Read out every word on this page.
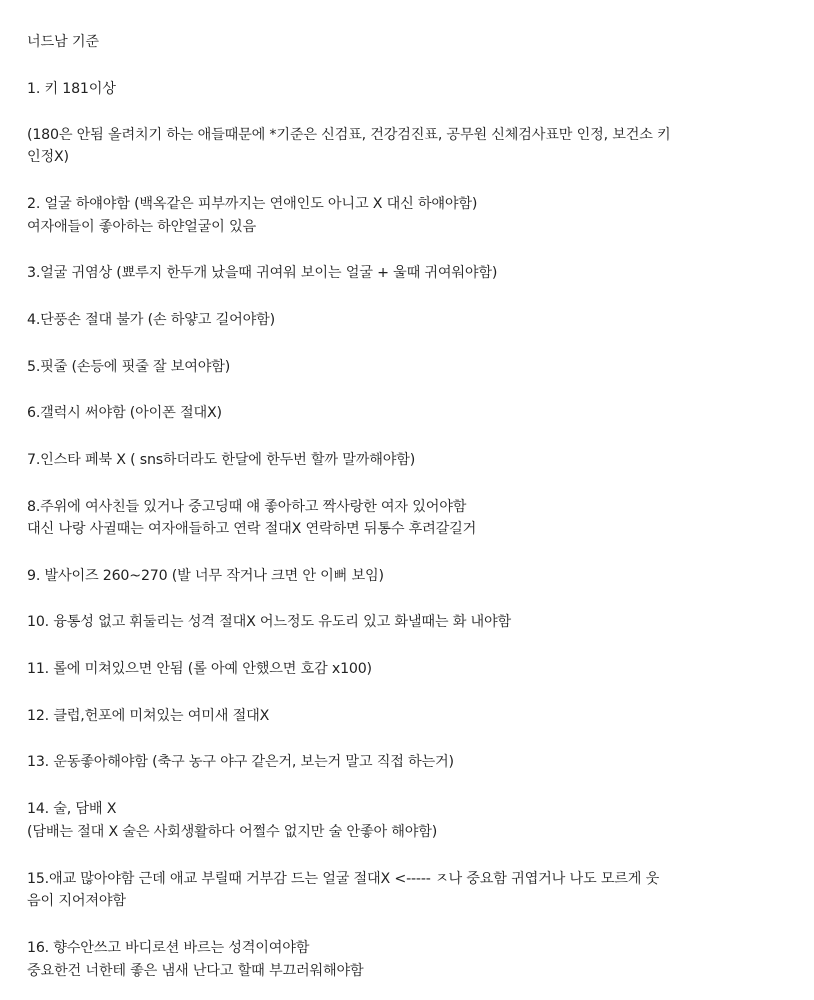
너드남 기준
1. 키 181이상
(180은 안됨 올려치기 하는 애들때문에 *기준은 신검표, 건강검진표, 공무원 신체검사표만 인정, 보건소 키
인정X)
2. 얼굴 하얘야함 (백옥같은 피부까지는 연애인도 아니고 X 대신 하얘야함)
여자애들이 좋아하는 하얀얼굴이 있음
3.얼굴 귀염상 (뾰루지 한두개 났을때 귀여워 보이는 얼굴 + 울때 귀여워야함)
4.단풍손 절대 불가 (손 하얗고 길어야함)
5.핏줄 (손등에 핏줄 잘 보여야함)
6.갤럭시 써야함 (아이폰 절대X)
7.인스타 페북 X ( sns하더라도 한달에 한두번 할까 말까해야함)
8.주위에 여사친들 있거나 중고딩때 얘 좋아하고 짝사랑한 여자 있어야함
대신 나랑 사귈때는 여자애들하고 연락 절대X 연락하면 뒤통수 후려갈길거
9. 발사이즈 260~270 (발 너무 작거나 크면 안 이뻐 보임)
10. 융통성 없고 휘둘리는 성격 절대X 어느정도 유도리 있고 화낼때는 화 내야함
11. 롤에 미쳐있으면 안됨 (롤 아예 안했으면 호감 x100)
12. 클럽,헌포에 미쳐있는 여미새 절대X
13. 운동좋아해야함 (축구 농구 야구 같은거, 보는거 말고 직접 하는거)
14. 술, 담배 X
(담배는 절대 X 술은 사회생활하다 어쩔수 없지만 술 안좋아 해야함)
15.애교 많아야함 근데 애교 부릴때 거부감 드는 얼굴 절대X <----- ㅈ나 중요함 귀엽거나 나도 모르게 웃
음이 지어져야함
16. 향수안쓰고 바디로션 바르는 성격이여야함
중요한건 너한테 좋은 냄새 난다고 할때 부끄러워해야함
